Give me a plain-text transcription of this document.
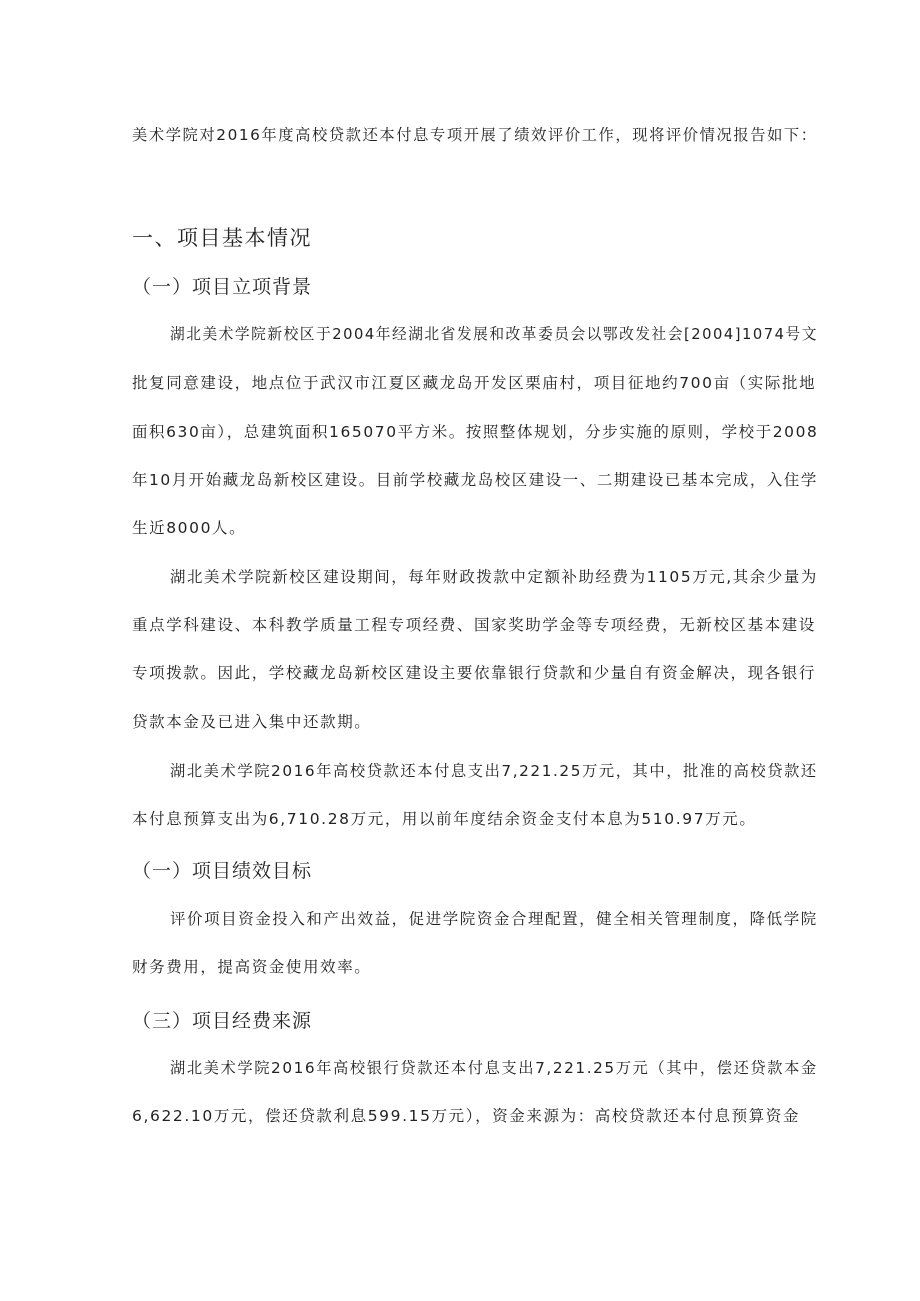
美术学院对2016年度高校贷款还本付息专项开展了绩效评价工作，现将评价情况报告如下：
一、项目基本情况
（一）项目立项背景
湖北美术学院新校区于2004年经湖北省发展和改革委员会以鄂改发社会[2004]1074号文
批复同意建设，地点位于武汉市江夏区藏龙岛开发区栗庙村，项目征地约700亩（实际批地
面积630亩），总建筑面积165070平方米。按照整体规划，分步实施的原则，学校于2008
年10月开始藏龙岛新校区建设。目前学校藏龙岛校区建设一、二期建设已基本完成，入住学
生近8000人。
湖北美术学院新校区建设期间，每年财政拨款中定额补助经费为1105万元,其余少量为
重点学科建设、本科教学质量工程专项经费、国家奖助学金等专项经费，无新校区基本建设
专项拨款。因此，学校藏龙岛新校区建设主要依靠银行贷款和少量自有资金解决，现各银行
贷款本金及已进入集中还款期。
湖北美术学院2016年高校贷款还本付息支出7,221.25万元，其中，批准的高校贷款还
本付息预算支出为6,710.28万元，用以前年度结余资金支付本息为510.97万元。
（一）项目绩效目标
评价项目资金投入和产出效益，促进学院资金合理配置，健全相关管理制度，降低学院
财务费用，提高资金使用效率。
（三）项目经费来源
湖北美术学院2016年高校银行贷款还本付息支出7,221.25万元（其中，偿还贷款本金
6,622.10万元，偿还贷款利息599.15万元），资金来源为：高校贷款还本付息预算资金
